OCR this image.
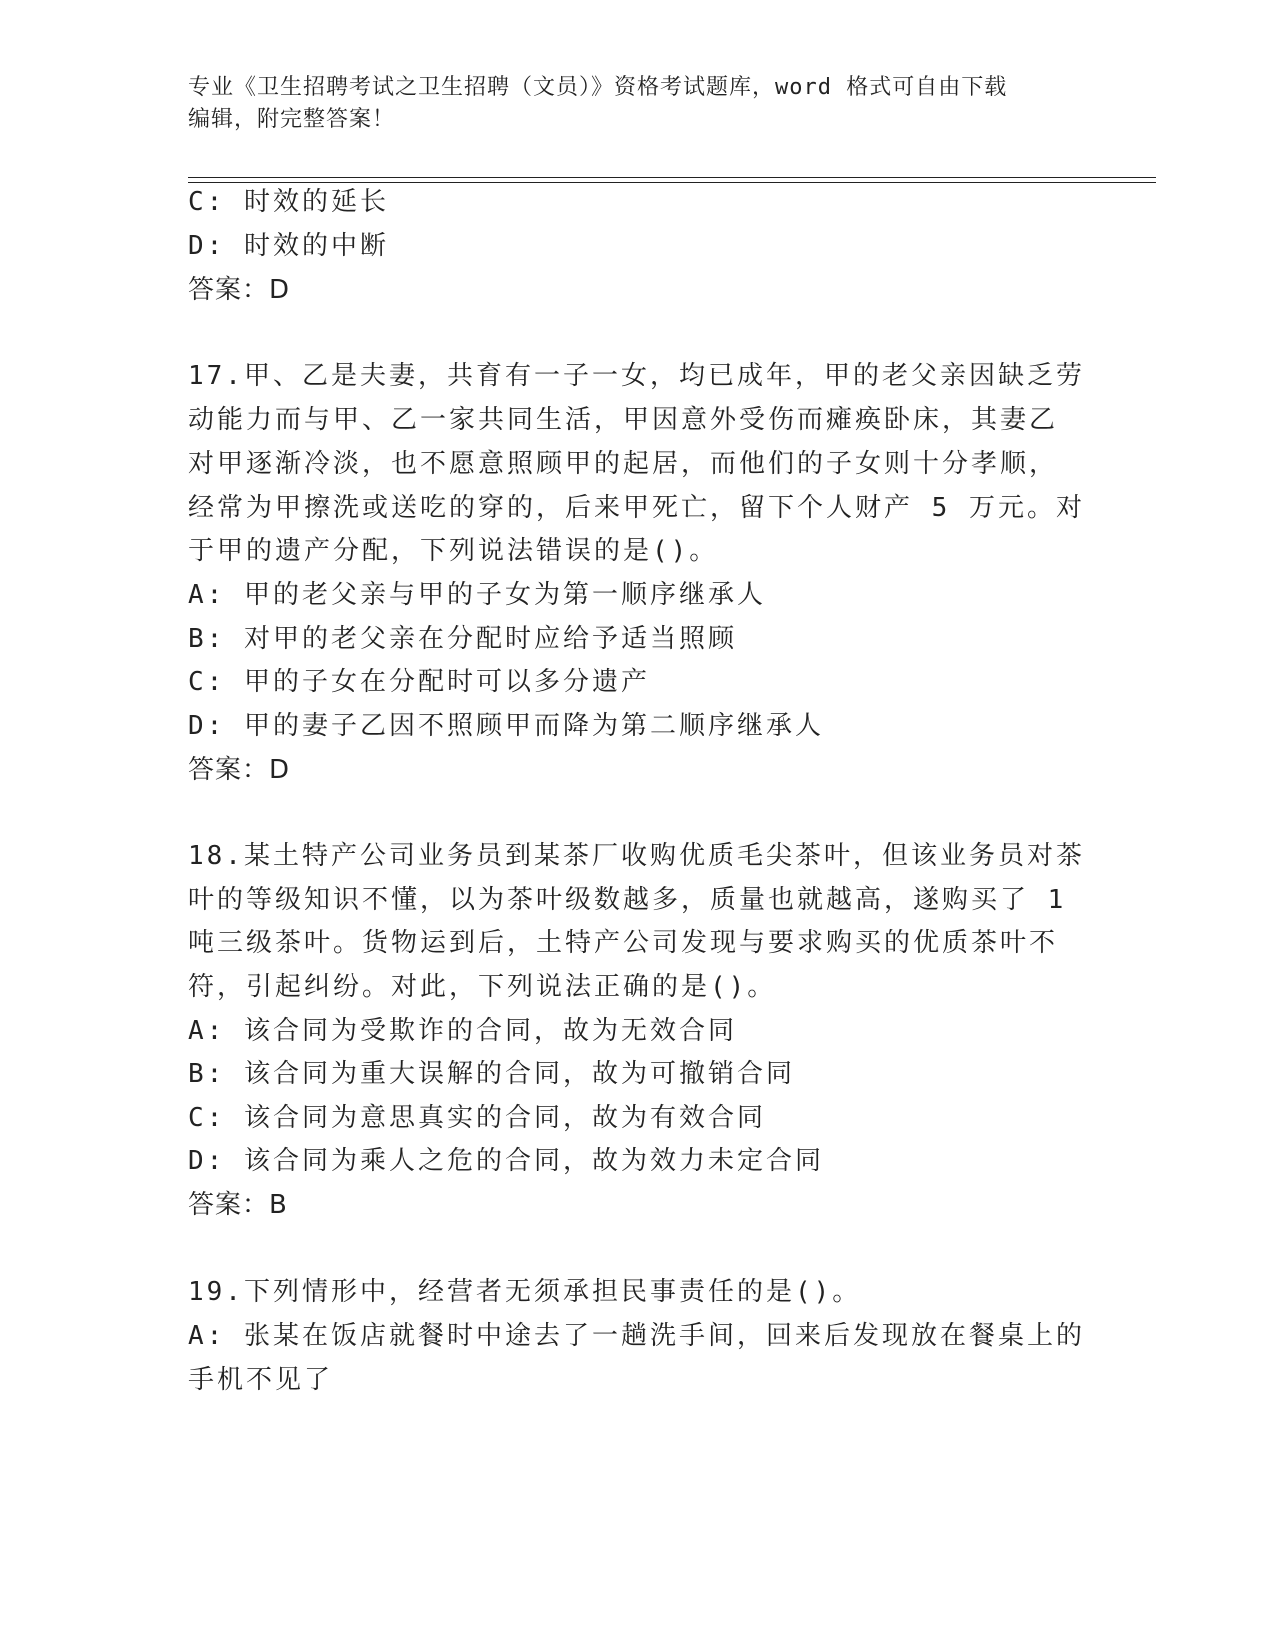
专业《卫生招聘考试之卫生招聘（文员）》资格考试题库，word 格式可自由下载
编辑，附完整答案！
C: 时效的延长
D: 时效的中断
答案：D
17.甲、乙是夫妻，共育有一子一女，均已成年，甲的老父亲因缺乏劳
动能力而与甲、乙一家共同生活，甲因意外受伤而瘫痪卧床，其妻乙
对甲逐渐冷淡，也不愿意照顾甲的起居，而他们的子女则十分孝顺，
经常为甲擦洗或送吃的穿的，后来甲死亡，留下个人财产 5 万元。对
于甲的遗产分配，下列说法错误的是()。
A: 甲的老父亲与甲的子女为第一顺序继承人
B: 对甲的老父亲在分配时应给予适当照顾
C: 甲的子女在分配时可以多分遗产
D: 甲的妻子乙因不照顾甲而降为第二顺序继承人
答案：D
18.某土特产公司业务员到某茶厂收购优质毛尖茶叶，但该业务员对茶
叶的等级知识不懂，以为茶叶级数越多，质量也就越高，遂购买了 1
吨三级茶叶。货物运到后，土特产公司发现与要求购买的优质茶叶不
符，引起纠纷。对此，下列说法正确的是()。
A: 该合同为受欺诈的合同，故为无效合同
B: 该合同为重大误解的合同，故为可撤销合同
C: 该合同为意思真实的合同，故为有效合同
D: 该合同为乘人之危的合同，故为效力未定合同
答案：B
19.下列情形中，经营者无须承担民事责任的是()。
A: 张某在饭店就餐时中途去了一趟洗手间，回来后发现放在餐桌上的
手机不见了
